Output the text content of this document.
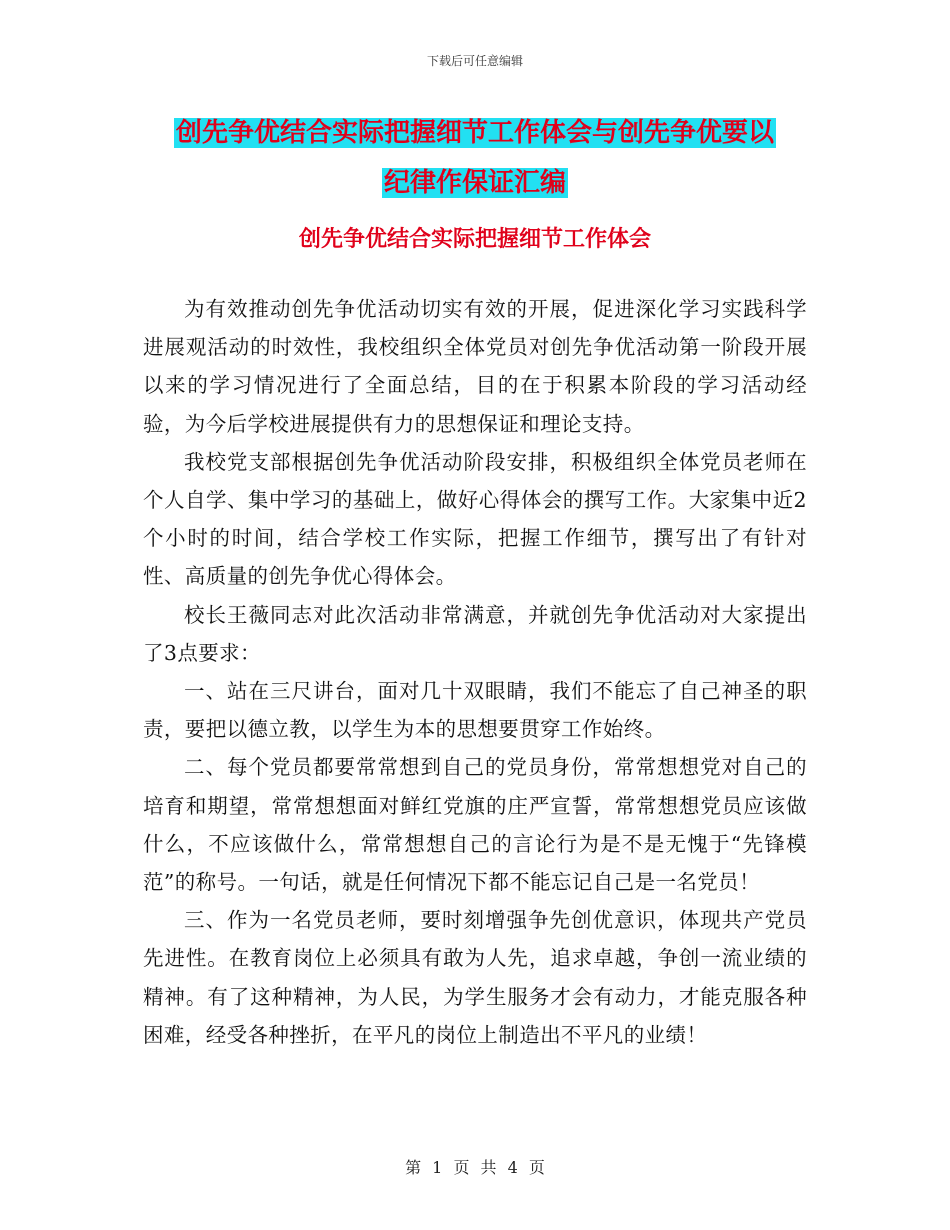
下载后可任意编辑
创先争优结合实际把握细节工作体会与创先争优要以
纪律作保证汇编
创先争优结合实际把握细节工作体会

为有效推动创先争优活动切实有效的开展，促进深化学习实践科学进展观活动的时效性，我校组织全体党员对创先争优活动第一阶段开展以来的学习情况进行了全面总结，目的在于积累本阶段的学习活动经验，为今后学校进展提供有力的思想保证和理论支持。

我校党支部根据创先争优活动阶段安排，积极组织全体党员老师在个人自学、集中学习的基础上，做好心得体会的撰写工作。大家集中近2个小时的时间，结合学校工作实际，把握工作细节，撰写出了有针对性、高质量的创先争优心得体会。

校长王薇同志对此次活动非常满意，并就创先争优活动对大家提出了3点要求：

一、站在三尺讲台，面对几十双眼睛，我们不能忘了自己神圣的职责，要把以德立教，以学生为本的思想要贯穿工作始终。

二、每个党员都要常常想到自己的党员身份，常常想想党对自己的培育和期望，常常想想面对鲜红党旗的庄严宣誓，常常想想党员应该做什么，不应该做什么，常常想想自己的言论行为是不是无愧于“先锋模范”的称号。一句话，就是任何情况下都不能忘记自己是一名党员！

三、作为一名党员老师，要时刻增强争先创优意识，体现共产党员先进性。在教育岗位上必须具有敢为人先，追求卓越，争创一流业绩的精神。有了这种精神，为人民，为学生服务才会有动力，才能克服各种困难，经受各种挫折，在平凡的岗位上制造出不平凡的业绩！

第 1 页 共 4 页
